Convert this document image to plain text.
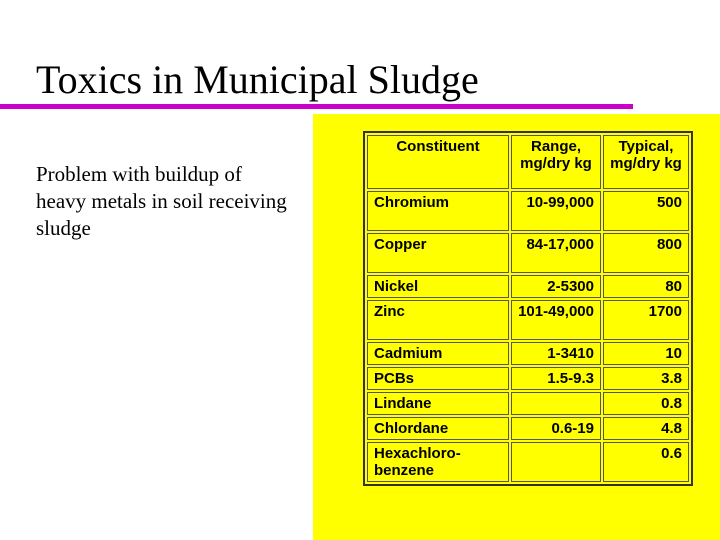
Toxics in Municipal Sludge
Problem with buildup of heavy metals in soil receiving sludge
Constituent	Range, mg/dry kg	Typical, mg/dry kg
Chromium	10-99,000	500
Copper	84-17,000	800
Nickel	2-5300	80
Zinc	101-49,000	1700
Cadmium	1-3410	10
PCBs	1.5-9.3	3.8
Lindane		0.8
Chlordane	0.6-19	4.8
Hexachloro-benzene		0.6
